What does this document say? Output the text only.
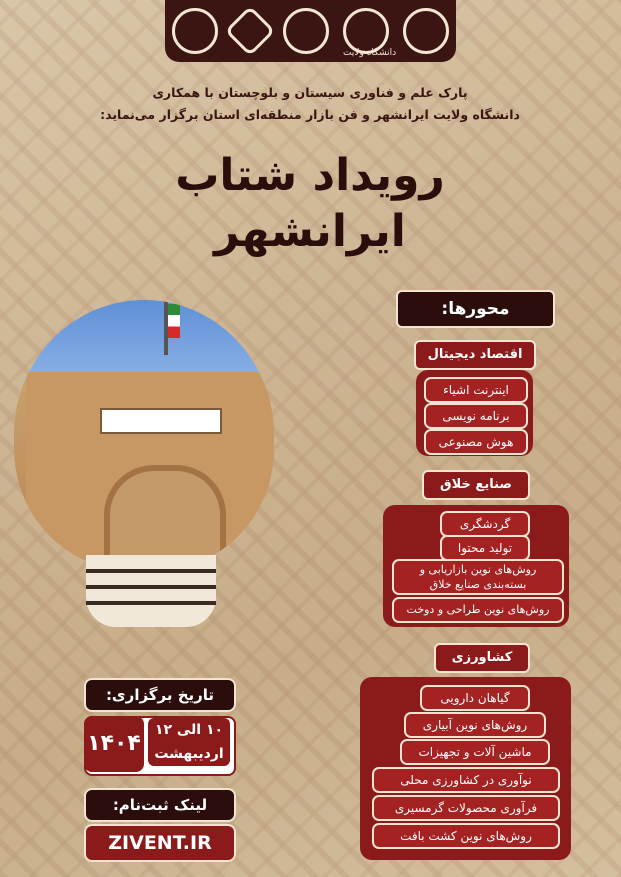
دانشگاه ولایت
پارک علم و فناوری سیستان و بلوچستان با همکاری
دانشگاه ولایت ایرانشهر و فن بازار منطقه‌ای استان برگزار می‌نماید:
رویداد شتاب
ایرانشهر
محورها:
اقتصاد دیجیتال
اینترنت اشیاء
برنامه نویسی
هوش مصنوعی
صنایع خلاق
گردشگری
تولید محتوا
روش‌های نوین بازاریابی و بسته‌بندی صنایع خلاق
روش‌های نوین طراحی و دوخت
کشاورزی
گیاهان دارویی
روش‌های نوین آبیاری
ماشین آلات و تجهیزات
نوآوری در کشاورزی محلی
فرآوری محصولات گرمسیری
روش‌های نوین کشت بافت
تاریخ برگزاری:
۱۴۰۴
۱۰ الی ۱۲
اردیبهشت
لینک ثبت‌نام:
ZIVENT.IR
